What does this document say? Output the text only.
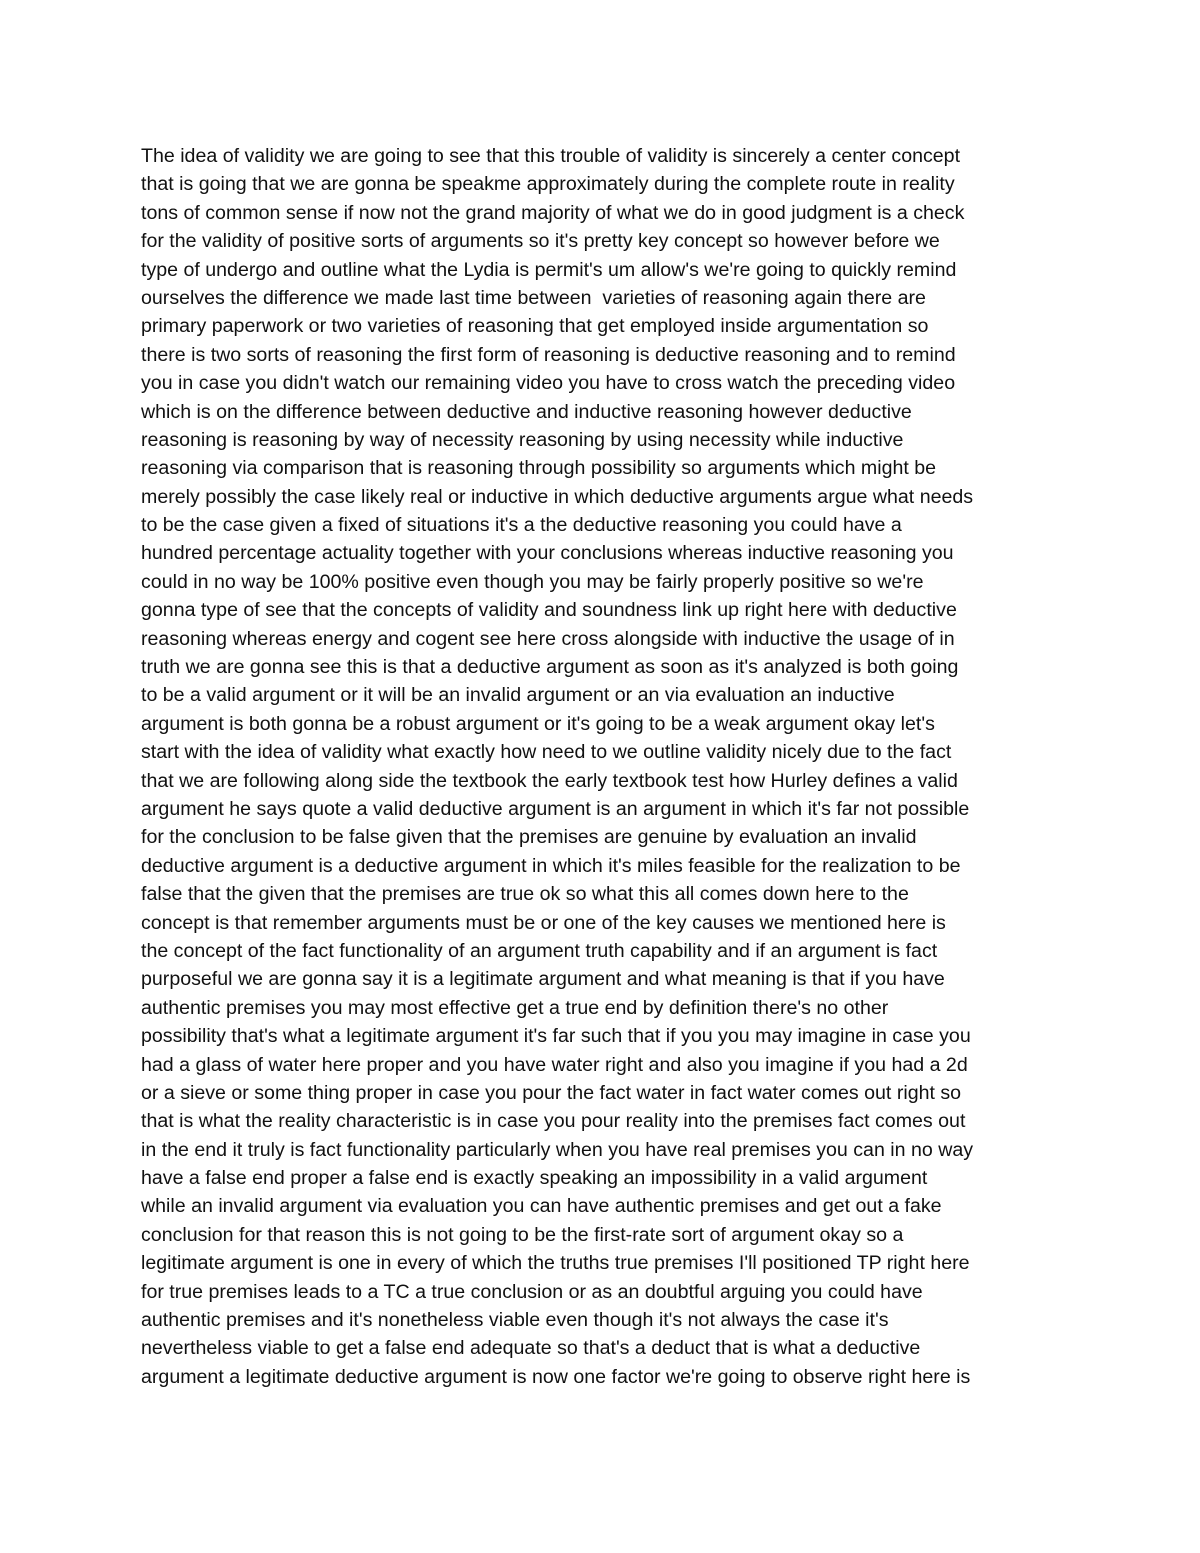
The idea of validity we are going to see that this trouble of validity is sincerely a center concept
that is going that we are gonna be speakme approximately during the complete route in reality
tons of common sense if now not the grand majority of what we do in good judgment is a check
for the validity of positive sorts of arguments so it's pretty key concept so however before we
type of undergo and outline what the Lydia is permit's um allow's we're going to quickly remind
ourselves the difference we made last time between  varieties of reasoning again there are
primary paperwork or two varieties of reasoning that get employed inside argumentation so
there is two sorts of reasoning the first form of reasoning is deductive reasoning and to remind
you in case you didn't watch our remaining video you have to cross watch the preceding video
which is on the difference between deductive and inductive reasoning however deductive
reasoning is reasoning by way of necessity reasoning by using necessity while inductive
reasoning via comparison that is reasoning through possibility so arguments which might be
merely possibly the case likely real or inductive in which deductive arguments argue what needs
to be the case given a fixed of situations it's a the deductive reasoning you could have a
hundred percentage actuality together with your conclusions whereas inductive reasoning you
could in no way be 100% positive even though you may be fairly properly positive so we're
gonna type of see that the concepts of validity and soundness link up right here with deductive
reasoning whereas energy and cogent see here cross alongside with inductive the usage of in
truth we are gonna see this is that a deductive argument as soon as it's analyzed is both going
to be a valid argument or it will be an invalid argument or an via evaluation an inductive
argument is both gonna be a robust argument or it's going to be a weak argument okay let's
start with the idea of validity what exactly how need to we outline validity nicely due to the fact
that we are following along side the textbook the early textbook test how Hurley defines a valid
argument he says quote a valid deductive argument is an argument in which it's far not possible
for the conclusion to be false given that the premises are genuine by evaluation an invalid
deductive argument is a deductive argument in which it's miles feasible for the realization to be
false that the given that the premises are true ok so what this all comes down here to the
concept is that remember arguments must be or one of the key causes we mentioned here is
the concept of the fact functionality of an argument truth capability and if an argument is fact
purposeful we are gonna say it is a legitimate argument and what meaning is that if you have
authentic premises you may most effective get a true end by definition there's no other
possibility that's what a legitimate argument it's far such that if you you may imagine in case you
had a glass of water here proper and you have water right and also you imagine if you had a 2d
or a sieve or some thing proper in case you pour the fact water in fact water comes out right so
that is what the reality characteristic is in case you pour reality into the premises fact comes out
in the end it truly is fact functionality particularly when you have real premises you can in no way
have a false end proper a false end is exactly speaking an impossibility in a valid argument
while an invalid argument via evaluation you can have authentic premises and get out a fake
conclusion for that reason this is not going to be the first-rate sort of argument okay so a
legitimate argument is one in every of which the truths true premises I'll positioned TP right here
for true premises leads to a TC a true conclusion or as an doubtful arguing you could have
authentic premises and it's nonetheless viable even though it's not always the case it's
nevertheless viable to get a false end adequate so that's a deduct that is what a deductive
argument a legitimate deductive argument is now one factor we're going to observe right here is
